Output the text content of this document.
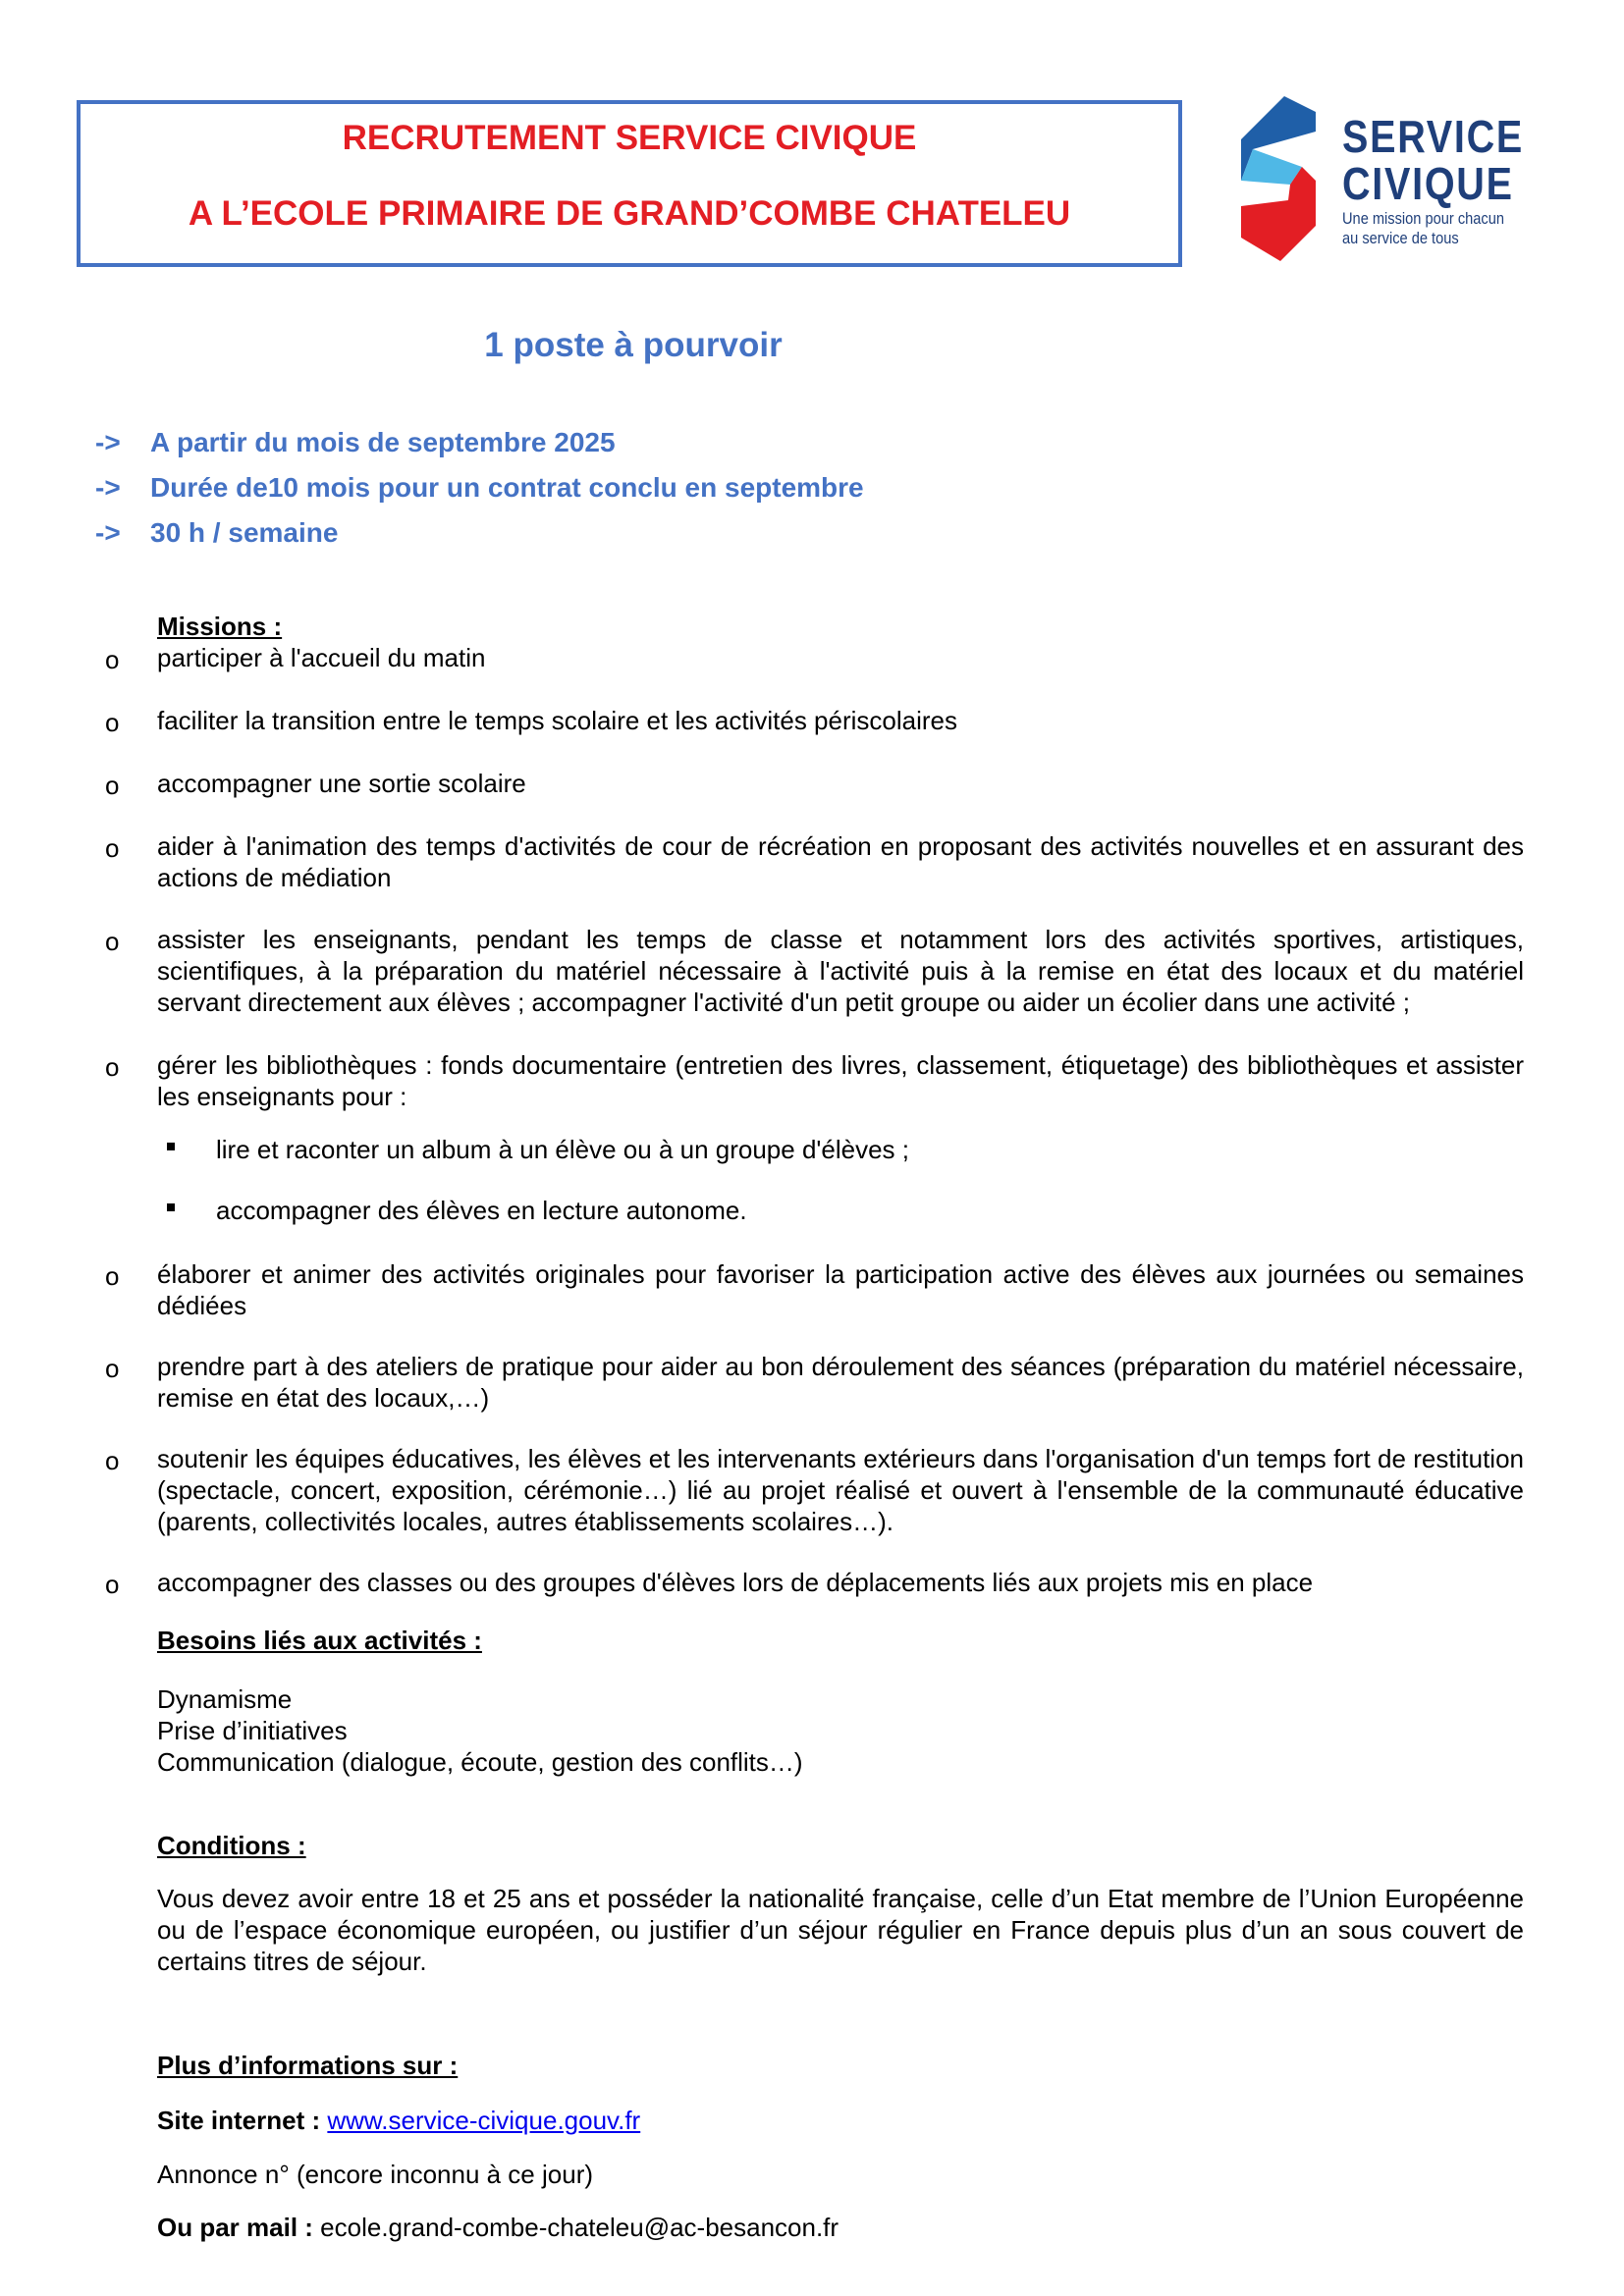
RECRUTEMENT SERVICE CIVIQUE
A L’ECOLE PRIMAIRE DE GRAND’COMBE CHATELEU
SERVICE
CIVIQUE
Une mission pour chacun
au service de tous
1 poste à pourvoir
-> A partir du mois de septembre 2025
-> Durée de10 mois pour un contrat conclu en septembre
-> 30 h / semaine
Missions :
o participer à l'accueil du matin
o faciliter la transition entre le temps scolaire et les activités périscolaires
o accompagner une sortie scolaire
o aider à l'animation des temps d'activités de cour de récréation en proposant des activités nouvelles et en assurant des actions de médiation
o assister les enseignants, pendant les temps de classe et notamment lors des activités sportives, artistiques, scientifiques, à la préparation du matériel nécessaire à l'activité puis à la remise en état des locaux et du matériel servant directement aux élèves ; accompagner l'activité d'un petit groupe ou aider un écolier dans une activité ;
o gérer les bibliothèques : fonds documentaire (entretien des livres, classement, étiquetage) des bibliothèques et assister les enseignants pour :
lire et raconter un album à un élève ou à un groupe d'élèves ;
accompagner des élèves en lecture autonome.
o élaborer et animer des activités originales pour favoriser la participation active des élèves aux journées ou semaines dédiées
o prendre part à des ateliers de pratique pour aider au bon déroulement des séances (préparation du matériel nécessaire, remise en état des locaux,…)
o soutenir les équipes éducatives, les élèves et les intervenants extérieurs dans l'organisation d'un temps fort de restitution (spectacle, concert, exposition, cérémonie…) lié au projet réalisé et ouvert à l'ensemble de la communauté éducative (parents, collectivités locales, autres établissements scolaires…).
o accompagner des classes ou des groupes d'élèves lors de déplacements liés aux projets mis en place
Besoins liés aux activités :
Dynamisme
Prise d’initiatives
Communication (dialogue, écoute, gestion des conflits…)
Conditions :
Vous devez avoir entre 18 et 25 ans et posséder la nationalité française, celle d’un Etat membre de l’Union Européenne ou de l’espace économique européen, ou justifier d’un séjour régulier en France depuis plus d’un an sous couvert de certains titres de séjour.
Plus d’informations sur :
Site internet : www.service-civique.gouv.fr
Annonce n° (encore inconnu à ce jour)
Ou par mail : ecole.grand-combe-chateleu@ac-besancon.fr
